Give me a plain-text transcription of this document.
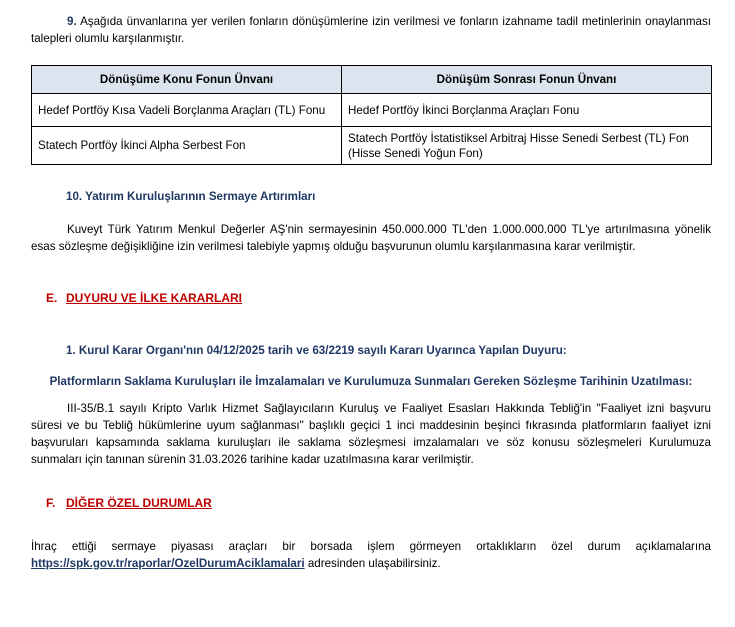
9. Aşağıda ünvanlarına yer verilen fonların dönüşümlerine izin verilmesi ve fonların izahname tadil metinlerinin onaylanması talepleri olumlu karşılanmıştır.
Dönüşüme Konu Fonun Ünvanı	Dönüşüm Sonrası Fonun Ünvanı
Hedef Portföy Kısa Vadeli Borçlanma Araçları (TL) Fonu	Hedef Portföy İkinci Borçlanma Araçları Fonu
Statech Portföy İkinci Alpha Serbest Fon	Statech Portföy İstatistiksel Arbitraj Hisse Senedi Serbest (TL) Fon (Hisse Senedi Yoğun Fon)
10. Yatırım Kuruluşlarının Sermaye Artırımları
Kuveyt Türk Yatırım Menkul Değerler AŞ'nin sermayesinin 450.000.000 TL'den 1.000.000.000 TL'ye artırılmasına yönelik esas sözleşme değişikliğine izin verilmesi talebiyle yapmış olduğu başvurunun olumlu karşılanmasına karar verilmiştir.
E. DUYURU VE İLKE KARARLARI
1. Kurul Karar Organı'nın 04/12/2025 tarih ve 63/2219 sayılı Kararı Uyarınca Yapılan Duyuru:
Platformların Saklama Kuruluşları ile İmzalamaları ve Kurulumuza Sunmaları Gereken Sözleşme Tarihinin Uzatılması:
III-35/B.1 sayılı Kripto Varlık Hizmet Sağlayıcıların Kuruluş ve Faaliyet Esasları Hakkında Tebliğ'in "Faaliyet izni başvuru süresi ve bu Tebliğ hükümlerine uyum sağlanması" başlıklı geçici 1 inci maddesinin beşinci fıkrasında platformların faaliyet izni başvuruları kapsamında saklama kuruluşları ile saklama sözleşmesi imzalamaları ve söz konusu sözleşmeleri Kurulumuza sunmaları için tanınan sürenin 31.03.2026 tarihine kadar uzatılmasına karar verilmiştir.
F. DİĞER ÖZEL DURUMLAR
İhraç ettiği sermaye piyasası araçları bir borsada işlem görmeyen ortaklıkların özel durum açıklamalarına https://spk.gov.tr/raporlar/OzelDurumAciklamalari adresinden ulaşabilirsiniz.
